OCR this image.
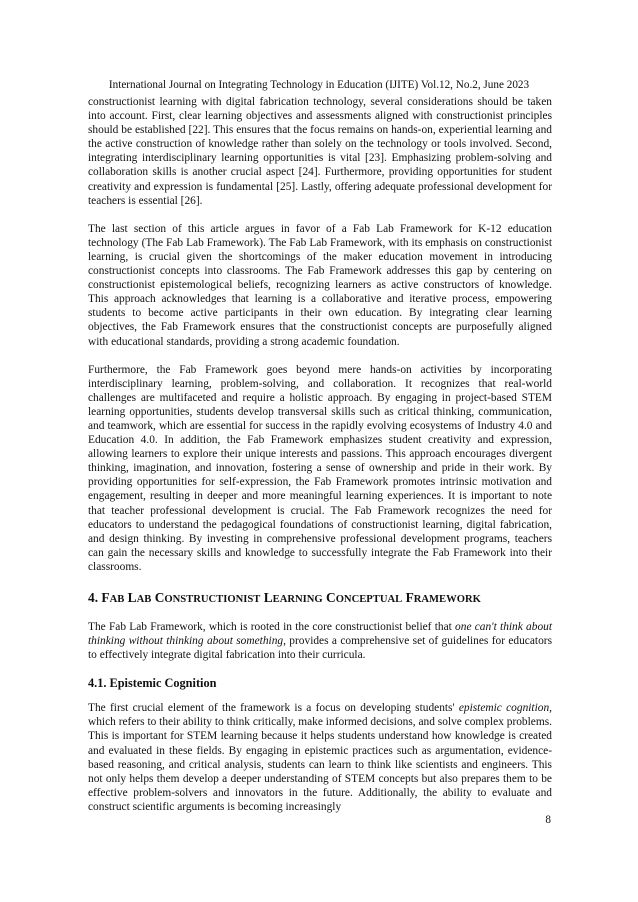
International Journal on Integrating Technology in Education (IJITE) Vol.12, No.2, June 2023

constructionist learning with digital fabrication technology, several considerations should be taken into account. First, clear learning objectives and assessments aligned with constructionist principles should be established [22]. This ensures that the focus remains on hands-on, experiential learning and the active construction of knowledge rather than solely on the technology or tools involved. Second, integrating interdisciplinary learning opportunities is vital [23]. Emphasizing problem-solving and collaboration skills is another crucial aspect [24]. Furthermore, providing opportunities for student creativity and expression is fundamental [25]. Lastly, offering adequate professional development for teachers is essential [26].

The last section of this article argues in favor of a Fab Lab Framework for K-12 education technology (The Fab Lab Framework). The Fab Lab Framework, with its emphasis on constructionist learning, is crucial given the shortcomings of the maker education movement in introducing constructionist concepts into classrooms. The Fab Framework addresses this gap by centering on constructionist epistemological beliefs, recognizing learners as active constructors of knowledge. This approach acknowledges that learning is a collaborative and iterative process, empowering students to become active participants in their own education. By integrating clear learning objectives, the Fab Framework ensures that the constructionist concepts are purposefully aligned with educational standards, providing a strong academic foundation.

Furthermore, the Fab Framework goes beyond mere hands-on activities by incorporating interdisciplinary learning, problem-solving, and collaboration. It recognizes that real-world challenges are multifaceted and require a holistic approach. By engaging in project-based STEM learning opportunities, students develop transversal skills such as critical thinking, communication, and teamwork, which are essential for success in the rapidly evolving ecosystems of Industry 4.0 and Education 4.0. In addition, the Fab Framework emphasizes student creativity and expression, allowing learners to explore their unique interests and passions. This approach encourages divergent thinking, imagination, and innovation, fostering a sense of ownership and pride in their work. By providing opportunities for self-expression, the Fab Framework promotes intrinsic motivation and engagement, resulting in deeper and more meaningful learning experiences. It is important to note that teacher professional development is crucial. The Fab Framework recognizes the need for educators to understand the pedagogical foundations of constructionist learning, digital fabrication, and design thinking. By investing in comprehensive professional development programs, teachers can gain the necessary skills and knowledge to successfully integrate the Fab Framework into their classrooms.

4. FAB LAB CONSTRUCTIONIST LEARNING CONCEPTUAL FRAMEWORK

The Fab Lab Framework, which is rooted in the core constructionist belief that one can't think about thinking without thinking about something, provides a comprehensive set of guidelines for educators to effectively integrate digital fabrication into their curricula.

4.1. Epistemic Cognition

The first crucial element of the framework is a focus on developing students' epistemic cognition, which refers to their ability to think critically, make informed decisions, and solve complex problems. This is important for STEM learning because it helps students understand how knowledge is created and evaluated in these fields. By engaging in epistemic practices such as argumentation, evidence-based reasoning, and critical analysis, students can learn to think like scientists and engineers. This not only helps them develop a deeper understanding of STEM concepts but also prepares them to be effective problem-solvers and innovators in the future. Additionally, the ability to evaluate and construct scientific arguments is becoming increasingly

8
